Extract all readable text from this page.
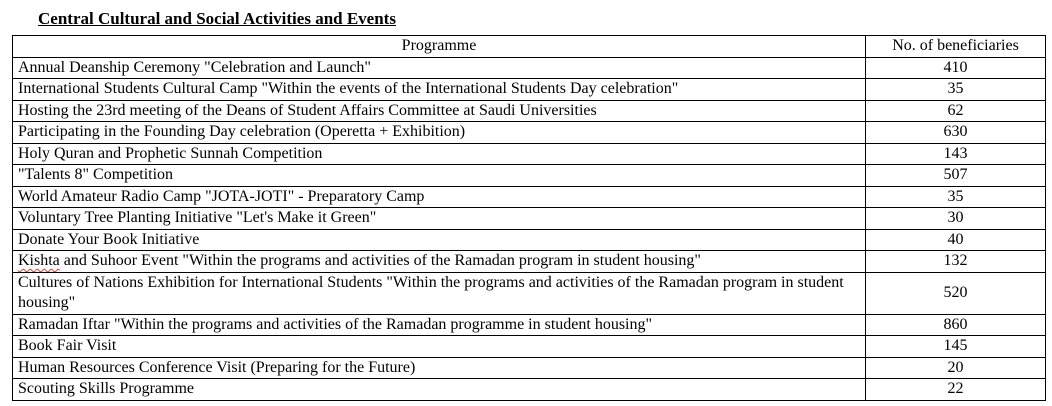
Central Cultural and Social Activities and Events
Programme	No. of beneficiaries
Annual Deanship Ceremony "Celebration and Launch"	410
International Students Cultural Camp "Within the events of the International Students Day celebration"	35
Hosting the 23rd meeting of the Deans of Student Affairs Committee at Saudi Universities	62
Participating in the Founding Day celebration (Operetta + Exhibition)	630
Holy Quran and Prophetic Sunnah Competition	143
"Talents 8" Competition	507
World Amateur Radio Camp "JOTA-JOTI" - Preparatory Camp	35
Voluntary Tree Planting Initiative "Let's Make it Green"	30
Donate Your Book Initiative	40
Kishta and Suhoor Event "Within the programs and activities of the Ramadan program in student housing"	132
Cultures of Nations Exhibition for International Students "Within the programs and activities of the Ramadan program in student housing"	520
Ramadan Iftar "Within the programs and activities of the Ramadan programme in student housing"	860
Book Fair Visit	145
Human Resources Conference Visit (Preparing for the Future)	20
Scouting Skills Programme	22
